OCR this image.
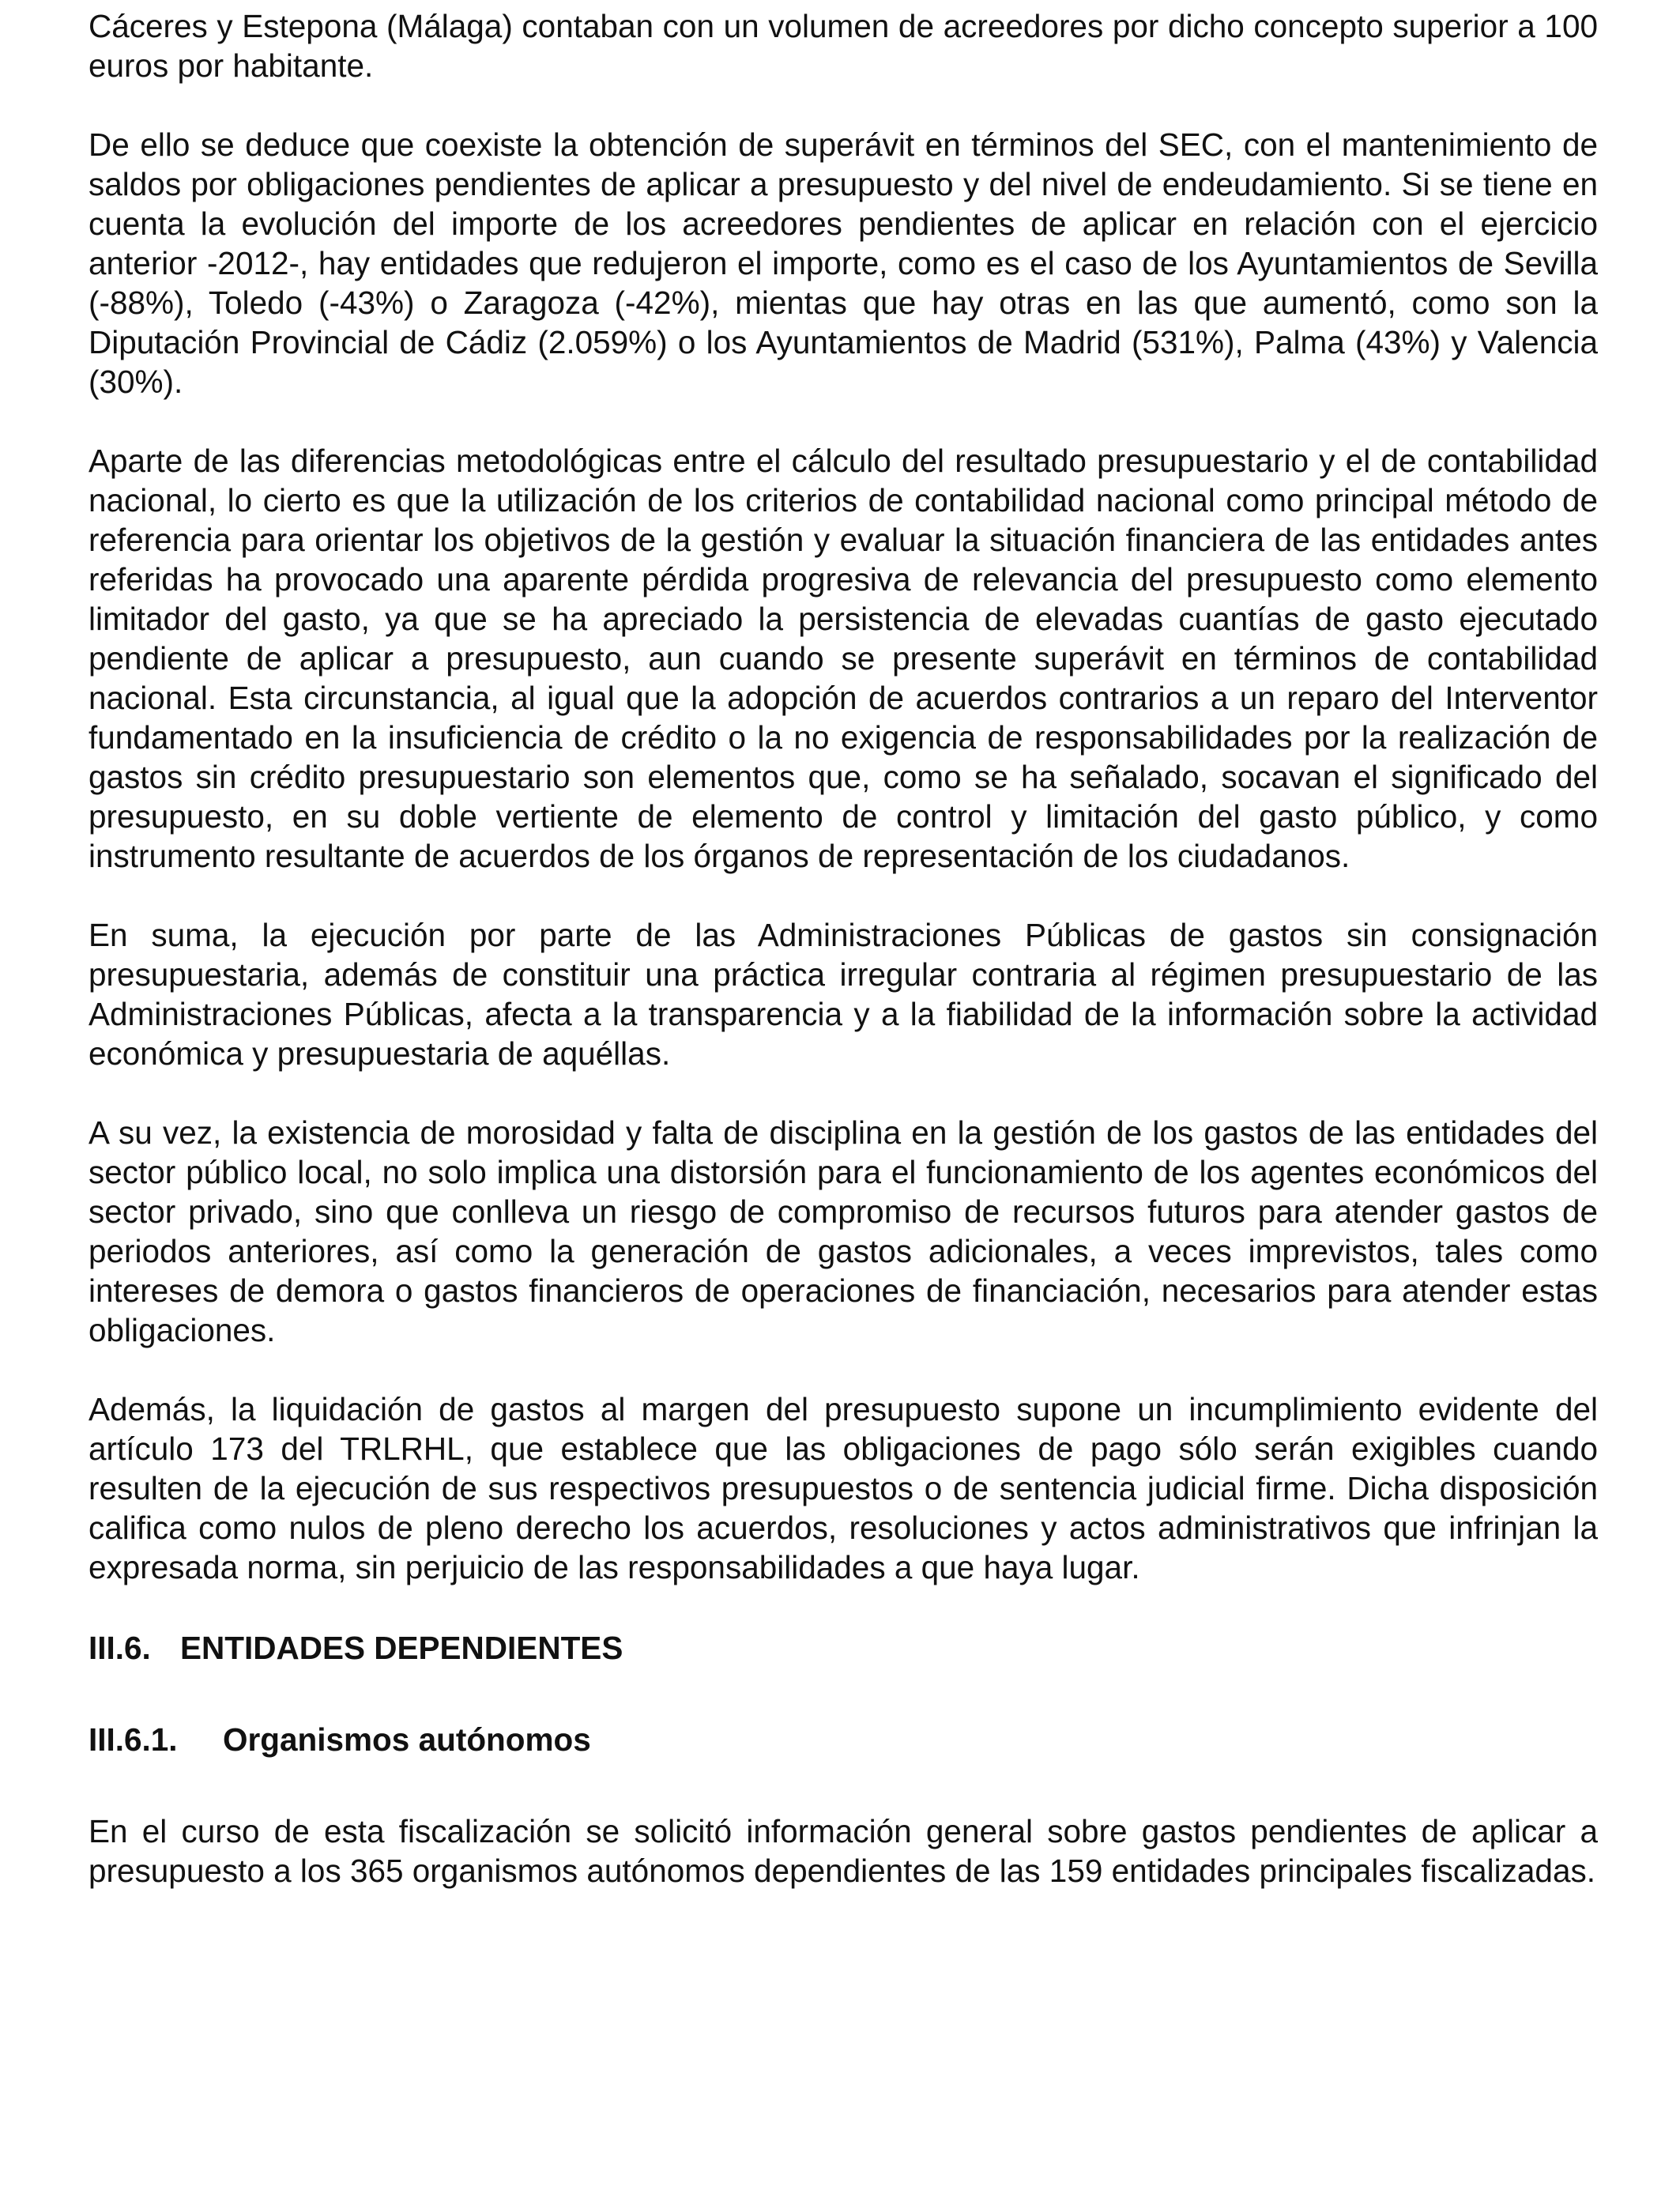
Cáceres y Estepona (Málaga) contaban con un volumen de acreedores por dicho concepto superior a 100 euros por habitante.

De ello se deduce que coexiste la obtención de superávit en términos del SEC, con el mantenimiento de saldos por obligaciones pendientes de aplicar a presupuesto y del nivel de endeudamiento. Si se tiene en cuenta la evolución del importe de los acreedores pendientes de aplicar en relación con el ejercicio anterior -2012-, hay entidades que redujeron el importe, como es el caso de los Ayuntamientos de Sevilla (-88%), Toledo (-43%) o Zaragoza (-42%), mientas que hay otras en las que aumentó, como son la Diputación Provincial de Cádiz (2.059%) o los Ayuntamientos de Madrid (531%), Palma (43%) y Valencia (30%).

Aparte de las diferencias metodológicas entre el cálculo del resultado presupuestario y el de contabilidad nacional, lo cierto es que la utilización de los criterios de contabilidad nacional como principal método de referencia para orientar los objetivos de la gestión y evaluar la situación financiera de las entidades antes referidas ha provocado una aparente pérdida progresiva de relevancia del presupuesto como elemento limitador del gasto, ya que se ha apreciado la persistencia de elevadas cuantías de gasto ejecutado pendiente de aplicar a presupuesto, aun cuando se presente superávit en términos de contabilidad nacional. Esta circunstancia, al igual que la adopción de acuerdos contrarios a un reparo del Interventor fundamentado en la insuficiencia de crédito o la no exigencia de responsabilidades por la realización de gastos sin crédito presupuestario son elementos que, como se ha señalado, socavan el significado del presupuesto, en su doble vertiente de elemento de control y limitación del gasto público, y como instrumento resultante de acuerdos de los órganos de representación de los ciudadanos.

En suma, la ejecución por parte de las Administraciones Públicas de gastos sin consignación presupuestaria, además de constituir una práctica irregular contraria al régimen presupuestario de las Administraciones Públicas, afecta a la transparencia y a la fiabilidad de la información sobre la actividad económica y presupuestaria de aquéllas.

A su vez, la existencia de morosidad y falta de disciplina en la gestión de los gastos de las entidades del sector público local, no solo implica una distorsión para el funcionamiento de los agentes económicos del sector privado, sino que conlleva un riesgo de compromiso de recursos futuros para atender gastos de periodos anteriores, así como la generación de gastos adicionales, a veces imprevistos, tales como intereses de demora o gastos financieros de operaciones de financiación, necesarios para atender estas obligaciones.

Además, la liquidación de gastos al margen del presupuesto supone un incumplimiento evidente del artículo 173 del TRLRHL, que establece que las obligaciones de pago sólo serán exigibles cuando resulten de la ejecución de sus respectivos presupuestos o de sentencia judicial firme. Dicha disposición califica como nulos de pleno derecho los acuerdos, resoluciones y actos administrativos que infrinjan la expresada norma, sin perjuicio de las responsabilidades a que haya lugar.

III.6. ENTIDADES DEPENDIENTES
III.6.1. Organismos autónomos

En el curso de esta fiscalización se solicitó información general sobre gastos pendientes de aplicar a presupuesto a los 365 organismos autónomos dependientes de las 159 entidades principales fiscalizadas.
